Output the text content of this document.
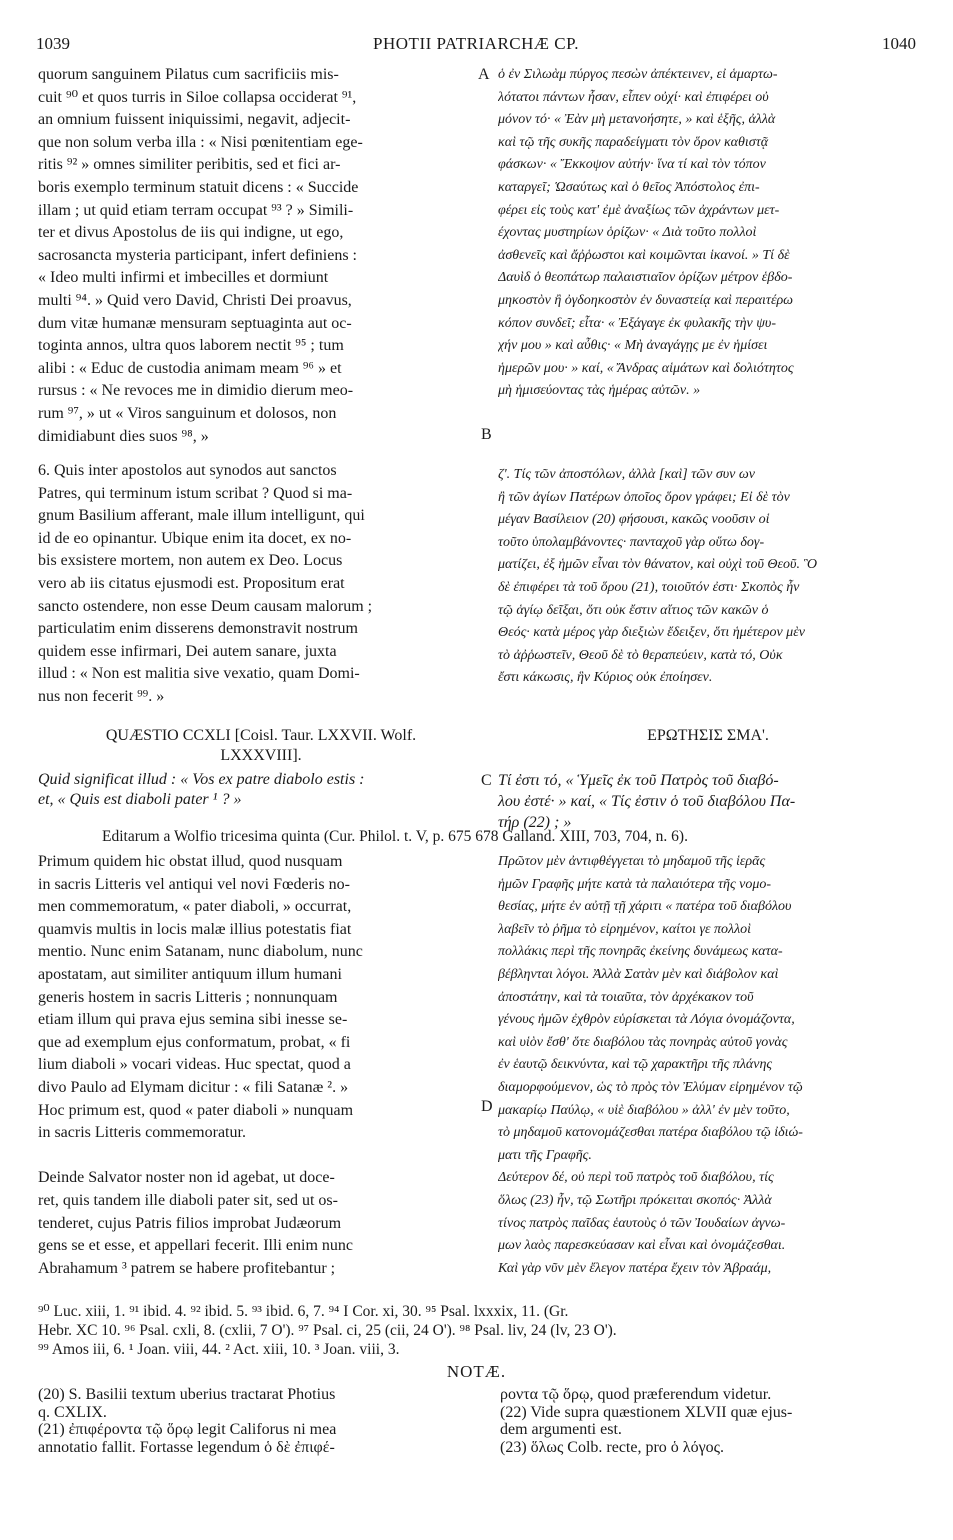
1039	PHOTII PATRIARCHÆ CP.	1040
quorum sanguinem Pilatus cum sacrificiis mis-
cuit ⁹⁰ et quos turris in Siloe collapsa occiderat ⁹¹,
an omnium fuissent iniquissimi, negavit, adjecit-
que non solum verba illa : « Nisi pœnitentiam ege-
ritis ⁹² » omnes similiter peribitis, sed et fici ar-
boris exemplo terminum statuit dicens : « Succide
illam ; ut quid etiam terram occupat ⁹³ ? » Simili-
ter et divus Apostolus de iis qui indigne, ut ego,
sacrosancta mysteria participant, infert definiens :
« Ideo multi infirmi et imbecilles et dormiunt
multi ⁹⁴. » Quid vero David, Christi Dei proavus,
dum vitæ humanæ mensuram septuaginta aut oc-
toginta annos, ultra quos laborem nectit ⁹⁵ ; tum
alibi : « Educ de custodia animam meam ⁹⁶ » et
rursus : « Ne revoces me in dimidio dierum meo-
rum ⁹⁷, » ut « Viros sanguinum et dolosos, non
dimidiabunt dies suos ⁹⁸, »
ὁ ἐν Σιλωὰμ πύργος πεσὼν ἀπέκτεινεν, εἰ ἁμαρτω-
λότατοι πάντων ἦσαν, εἶπεν οὐχί· καὶ ἐπιφέρει οὐ
μόνον τό· « Ἐὰν μὴ μετανοήσητε, » καὶ ἑξῆς, ἀλλὰ
καὶ τῷ τῆς συκῆς παραδείγματι τὸν ὅρον καθιστᾷ
φάσκων· « Ἔκκοψον αὐτήν· ἵνα τί καὶ τὸν τόπον
καταργεῖ; Ὡσαύτως καὶ ὁ θεῖος Ἀπόστολος ἐπι-
φέρει εἰς τοὺς κατ' ἐμὲ ἀναξίως τῶν ἀχράντων μετ-
έχοντας μυστηρίων ὁρίζων· « Διὰ τοῦτο πολλοὶ
ἀσθενεῖς καὶ ἄῤῥωστοι καὶ κοιμῶνται ἱκανοί. » Τί δὲ
Δαυὶδ ὁ θεοπάτωρ παλαιστιαῖον ὁρίζων μέτρον ἑβδο-
μηκοστὸν ἢ ὀγδοηκοστὸν ἐν δυναστείᾳ καὶ περαιτέρω
κόπον συνδεῖ; εἶτα· « Ἐξάγαγε ἐκ φυλακῆς τὴν ψυ-
χήν μου » καὶ αὖθις· « Μὴ ἀναγάγῃς με ἐν ἡμίσει
ἡμερῶν μου· » καί, « Ἄνδρας αἱμάτων καὶ δολιότητος
μὴ ἡμισεύοντας τὰς ἡμέρας αὐτῶν. »
A
B
6. Quis inter apostolos aut synodos aut sanctos
Patres, qui terminum istum scribat ? Quod si ma-
gnum Basilium afferant, male illum intelligunt, qui
id de eo opinantur. Ubique enim ita docet, ex no-
bis exsistere mortem, non autem ex Deo. Locus
vero ab iis citatus ejusmodi est. Propositum erat
sancto ostendere, non esse Deum causam malorum ;
particulatim enim disserens demonstravit nostrum
quidem esse infirmari, Dei autem sanare, juxta
illud : « Non est malitia sive vexatio, quam Domi-
nus non fecerit ⁹⁹. »
ζ'. Τίς τῶν ἀποστόλων, ἀλλὰ [καὶ] τῶν συν ων
ἢ τῶν ἁγίων Πατέρων ὁποῖος ὅρον γράφει; Εἰ δὲ τὸν
μέγαν Βασίλειον (20) φήσουσι, κακῶς νοοῦσιν οἱ
τοῦτο ὑπολαμβάνοντες· πανταχοῦ γὰρ οὕτω δογ-
ματίζει, ἐξ ἡμῶν εἶναι τὸν θάνατον, καὶ οὐχὶ τοῦ Θεοῦ. Ὃ
δὲ ἐπιφέρει τὰ τοῦ ὅρου (21), τοιοῦτόν ἐστι· Σκοπὸς ἦν
τῷ ἁγίῳ δεῖξαι, ὅτι οὐκ ἔστιν αἴτιος τῶν κακῶν ὁ
Θεός· κατὰ μέρος γὰρ διεξιὼν ἔδειξεν, ὅτι ἡμέτερον μὲν
τὸ ἀῤῥωστεῖν, Θεοῦ δὲ τὸ θεραπεύειν, κατὰ τό, Οὐκ
ἔστι κάκωσις, ἣν Κύριος οὐκ ἐποίησεν.
QUÆSTIO CCXLI [Coisl. Taur. LXXVII. Wolf.
LXXXVIII].
ΕΡΩΤΗΣΙΣ ΣΜΑ'.
Quid significat illud : « Vos ex patre diabolo estis :
et, « Quis est diaboli pater ¹ ? »
C Τί ἐστι τό, « Ὑμεῖς ἐκ τοῦ Πατρὸς τοῦ διαβό-
λου ἐστέ· » καί, « Τίς ἐστιν ὁ τοῦ διαβόλου Πα-
τήρ (22) ; »
Editarum a Wolfio tricesima quinta (Cur. Philol. t. V, p. 675 678 Galland. XIII, 703, 704, n. 6).
Primum quidem hic obstat illud, quod nusquam
in sacris Litteris vel antiqui vel novi Fœderis no-
men commemoratum, « pater diaboli, » occurrat,
quamvis multis in locis malæ illius potestatis fiat
mentio. Nunc enim Satanam, nunc diabolum, nunc
apostatam, aut similiter antiquum illum humani
generis hostem in sacris Litteris ; nonnunquam
etiam illum qui prava ejus semina sibi inesse se-
que ad exemplum ejus conformatum, probat, « fi
lium diaboli » vocari videas. Huc spectat, quod a
divo Paulo ad Elymam dicitur : « fili Satanæ ². »
Hoc primum est, quod « pater diaboli » nunquam
in sacris Litteris commemoratur.

Deinde Salvator noster non id agebat, ut doce-
ret, quis tandem ille diaboli pater sit, sed ut os-
tenderet, cujus Patris filios improbat Judæorum
gens se et esse, et appellari fecerit. Illi enim nunc
Abrahamum ³ patrem se habere profitebantur ;
Πρῶτον μὲν ἀντιφθέγγεται τὸ μηδαμοῦ τῆς ἱερᾶς
ἡμῶν Γραφῆς μήτε κατὰ τὰ παλαιότερα τῆς νομο-
θεσίας, μήτε ἐν αὐτῇ τῇ χάριτι « πατέρα τοῦ διαβόλου
λαβεῖν τὸ ῥῆμα τὸ εἰρημένον, καίτοι γε πολλοὶ
πολλάκις περὶ τῆς πονηρᾶς ἐκείνης δυνάμεως κατα-
βέβληνται λόγοι. Ἀλλὰ Σατὰν μὲν καὶ διάβολον καὶ
ἀποστάτην, καὶ τὰ τοιαῦτα, τὸν ἀρχέκακον τοῦ
γένους ἡμῶν ἐχθρὸν εὑρίσκεται τὰ Λόγια ὀνομάζοντα,
καὶ υἱὸν ἔσθ' ὅτε διαβόλου τὰς πονηρὰς αὐτοῦ γονὰς
ἐν ἑαυτῷ δεικνύντα, καὶ τῷ χαρακτῆρι τῆς πλάνης
διαμορφούμενον, ὡς τὸ πρὸς τὸν Ἐλύμαν εἰρημένον τῷ
μακαρίῳ Παύλῳ, « υἱὲ διαβόλου » ἀλλ' ἐν μὲν τοῦτο,
τὸ μηδαμοῦ κατονομάζεσθαι πατέρα διαβόλου τῷ ἰδιώ-
ματι τῆς Γραφῆς.
Δεύτερον δέ, οὐ περὶ τοῦ πατρὸς τοῦ διαβόλου, τίς
ὅλως (23) ἦν, τῷ Σωτῆρι πρόκειται σκοπός· Ἀλλὰ
τίνος πατρὸς παῖδας ἑαυτοὺς ὁ τῶν Ἰουδαίων ἀγνω-
μων λαὸς παρεσκεύασαν καὶ εἶναι καὶ ὀνομάζεσθαι.
Καὶ γὰρ νῦν μὲν ἔλεγον πατέρα ἔχειν τὸν Ἀβραάμ,
D
⁹⁰ Luc. xiii, 1. ⁹¹ ibid. 4. ⁹² ibid. 5. ⁹³ ibid. 6, 7. ⁹⁴ I Cor. xi, 30. ⁹⁵ Psal. lxxxix, 11. (Gr.
Hebr. XC 10. ⁹⁶ Psal. cxli, 8. (cxlii, 7 O'). ⁹⁷ Psal. ci, 25 (cii, 24 O'). ⁹⁸ Psal. liv, 24 (lv, 23 O').
⁹⁹ Amos iii, 6. ¹ Joan. viii, 44. ² Act. xiii, 10. ³ Joan. viii, 3.
NOTÆ.
(20) S. Basilii textum uberius tractarat Photius
q. CXLIX.
(21) ἐπιφέροντα τῷ ὅρῳ legit Califorus ni mea
annotatio fallit. Fortasse legendum ὁ δὲ ἐπιφέ-
ροντα τῷ ὅρῳ, quod præferendum videtur.
(22) Vide supra quæstionem XLVII quæ ejus-
dem argumenti est.
(23) ὅλως Colb. recte, pro ὁ λόγος.
